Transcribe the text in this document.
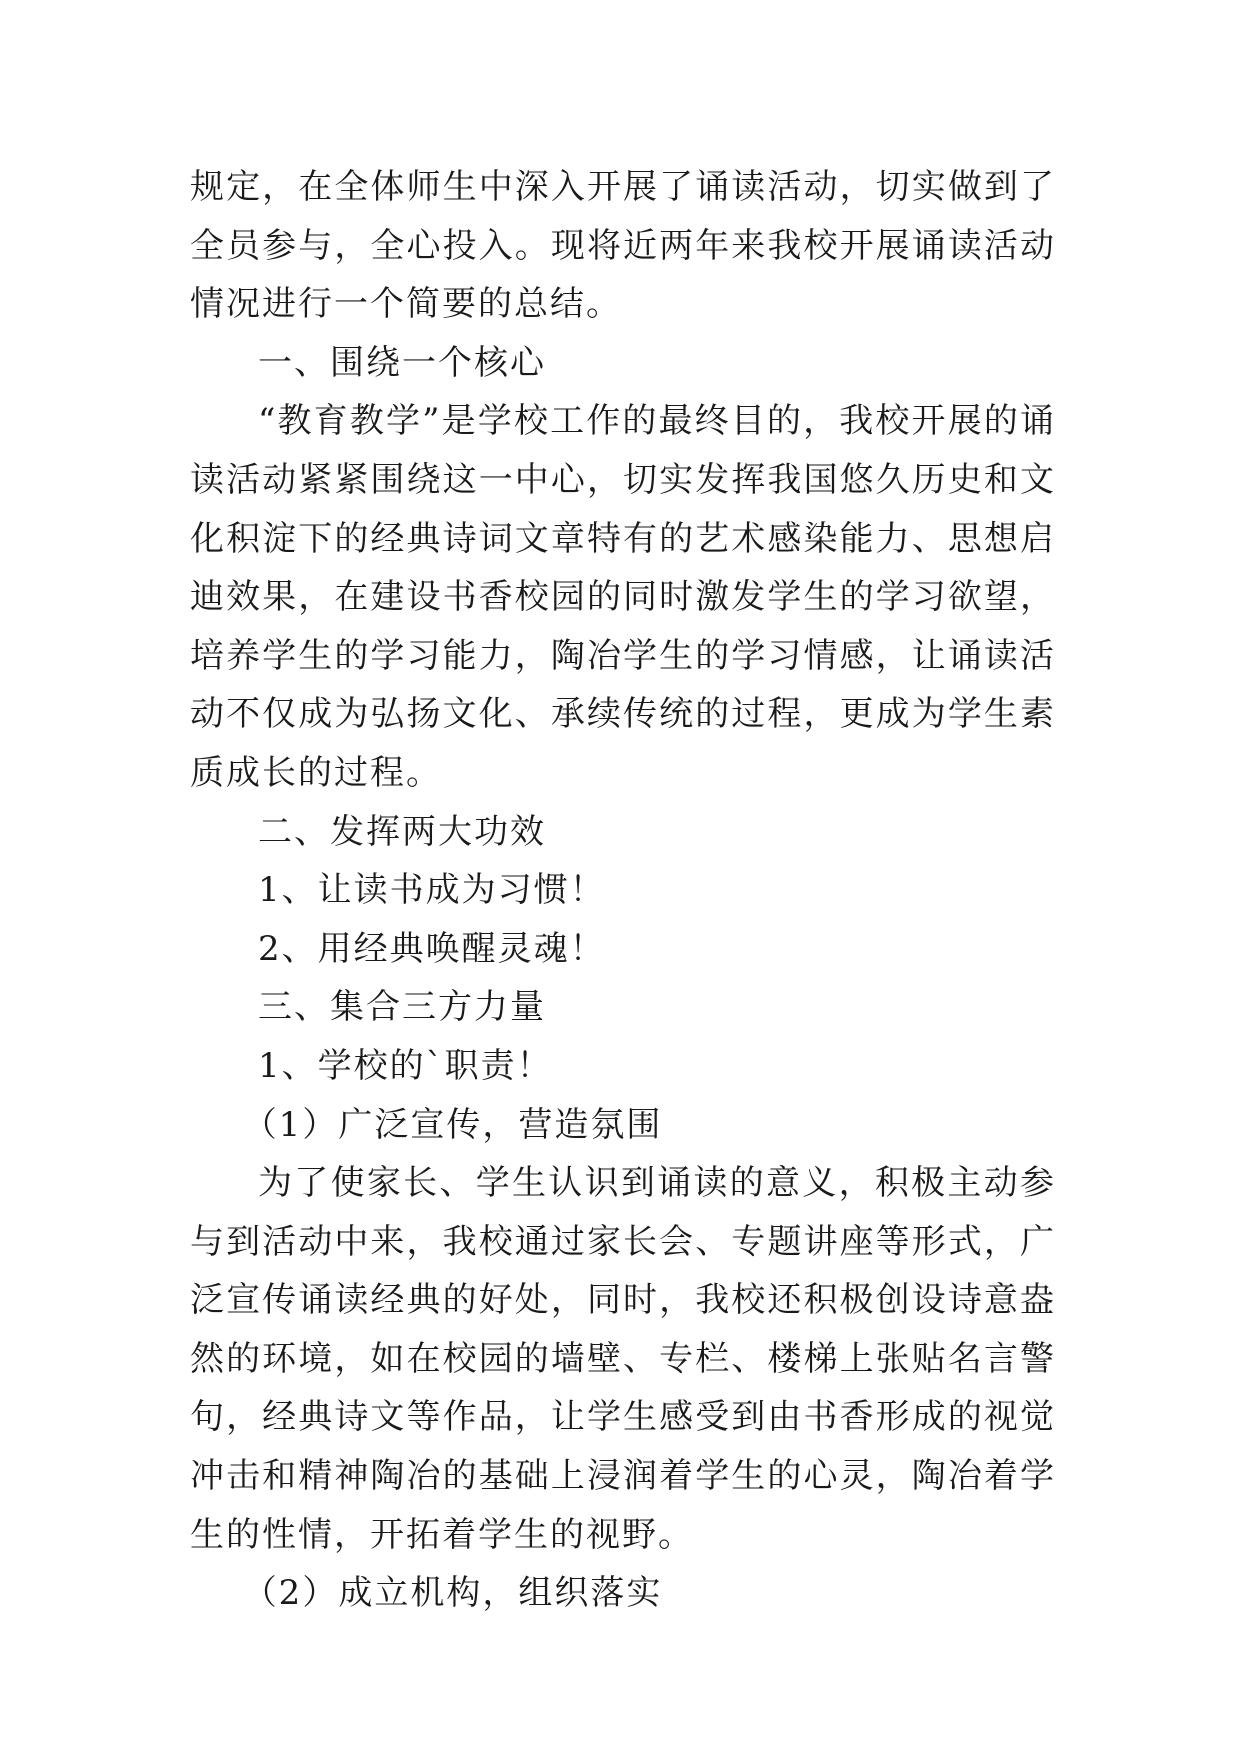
规定，在全体师生中深入开展了诵读活动，切实做到了全员参与，全心投入。现将近两年来我校开展诵读活动情况进行一个简要的总结。

一、围绕一个核心

“教育教学”是学校工作的最终目的，我校开展的诵读活动紧紧围绕这一中心，切实发挥我国悠久历史和文化积淀下的经典诗词文章特有的艺术感染能力、思想启迪效果，在建设书香校园的同时激发学生的学习欲望，培养学生的学习能力，陶冶学生的学习情感，让诵读活动不仅成为弘扬文化、承续传统的过程，更成为学生素质成长的过程。

二、发挥两大功效

1、让读书成为习惯！

2、用经典唤醒灵魂！

三、集合三方力量

1、学校的`职责！

（1）广泛宣传，营造氛围

为了使家长、学生认识到诵读的意义，积极主动参与到活动中来，我校通过家长会、专题讲座等形式，广泛宣传诵读经典的好处，同时，我校还积极创设诗意盎然的环境，如在校园的墙壁、专栏、楼梯上张贴名言警句，经典诗文等作品，让学生感受到由书香形成的视觉冲击和精神陶冶的基础上浸润着学生的心灵，陶冶着学生的性情，开拓着学生的视野。

（2）成立机构，组织落实
